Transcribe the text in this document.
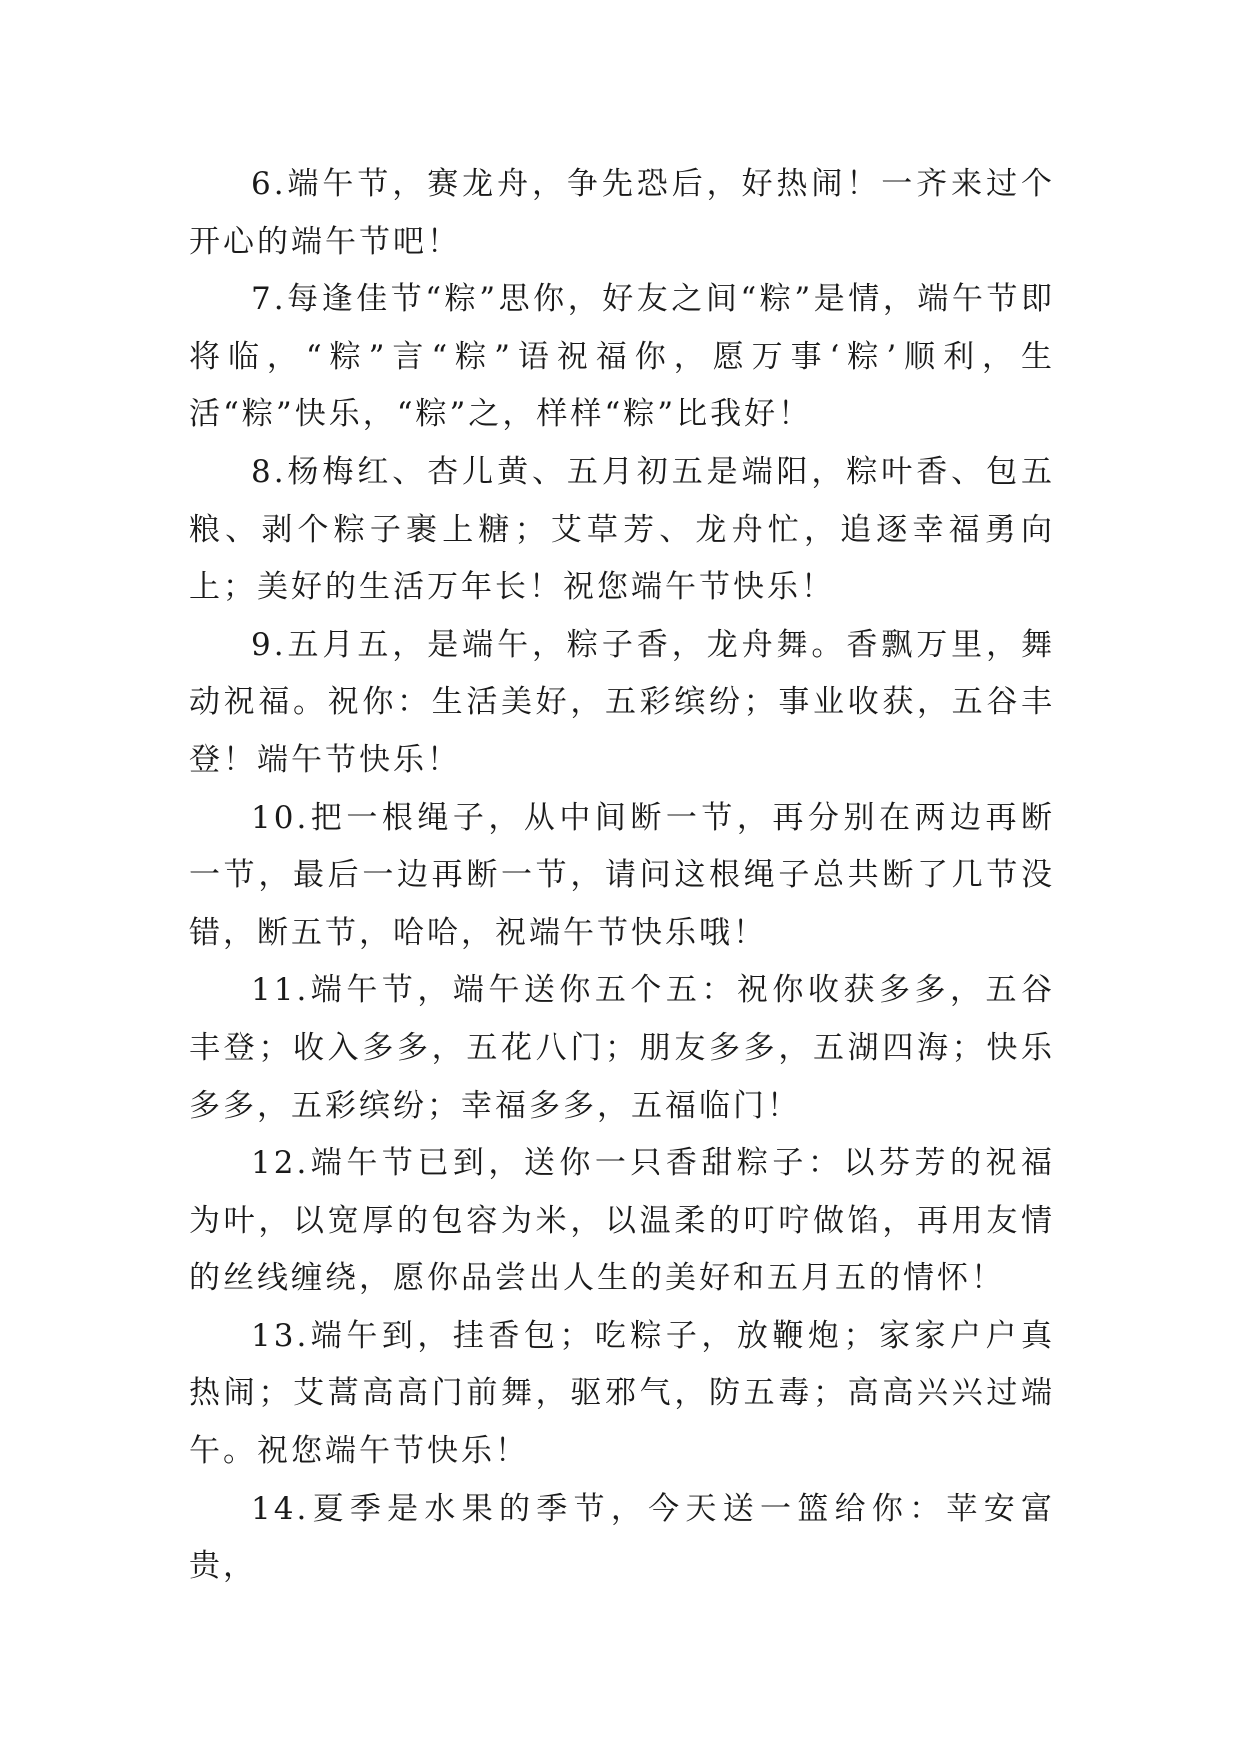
6.端午节，赛龙舟，争先恐后，好热闹！一齐来过个开心的端午节吧！

7.每逢佳节“粽”思你，好友之间“粽”是情，端午节即将临，“粽”言“粽”语祝福你，愿万事‘粽’顺利，生活“粽”快乐，“粽”之，样样“粽”比我好！

8.杨梅红、杏儿黄、五月初五是端阳，粽叶香、包五粮、剥个粽子裹上糖；艾草芳、龙舟忙，追逐幸福勇向上；美好的生活万年长！祝您端午节快乐！

9.五月五，是端午，粽子香，龙舟舞。香飘万里，舞动祝福。祝你：生活美好，五彩缤纷；事业收获，五谷丰登！端午节快乐！

10.把一根绳子，从中间断一节，再分别在两边再断一节，最后一边再断一节，请问这根绳子总共断了几节没错，断五节，哈哈，祝端午节快乐哦！

11.端午节，端午送你五个五：祝你收获多多，五谷丰登；收入多多，五花八门；朋友多多，五湖四海；快乐多多，五彩缤纷；幸福多多，五福临门！

12.端午节已到，送你一只香甜粽子：以芬芳的祝福为叶，以宽厚的包容为米，以温柔的叮咛做馅，再用友情的丝线缠绕，愿你品尝出人生的美好和五月五的情怀！

13.端午到，挂香包；吃粽子，放鞭炮；家家户户真热闹；艾蒿高高门前舞，驱邪气，防五毒；高高兴兴过端午。祝您端午节快乐！

14.夏季是水果的季节，今天送一篮给你：苹安富贵，
